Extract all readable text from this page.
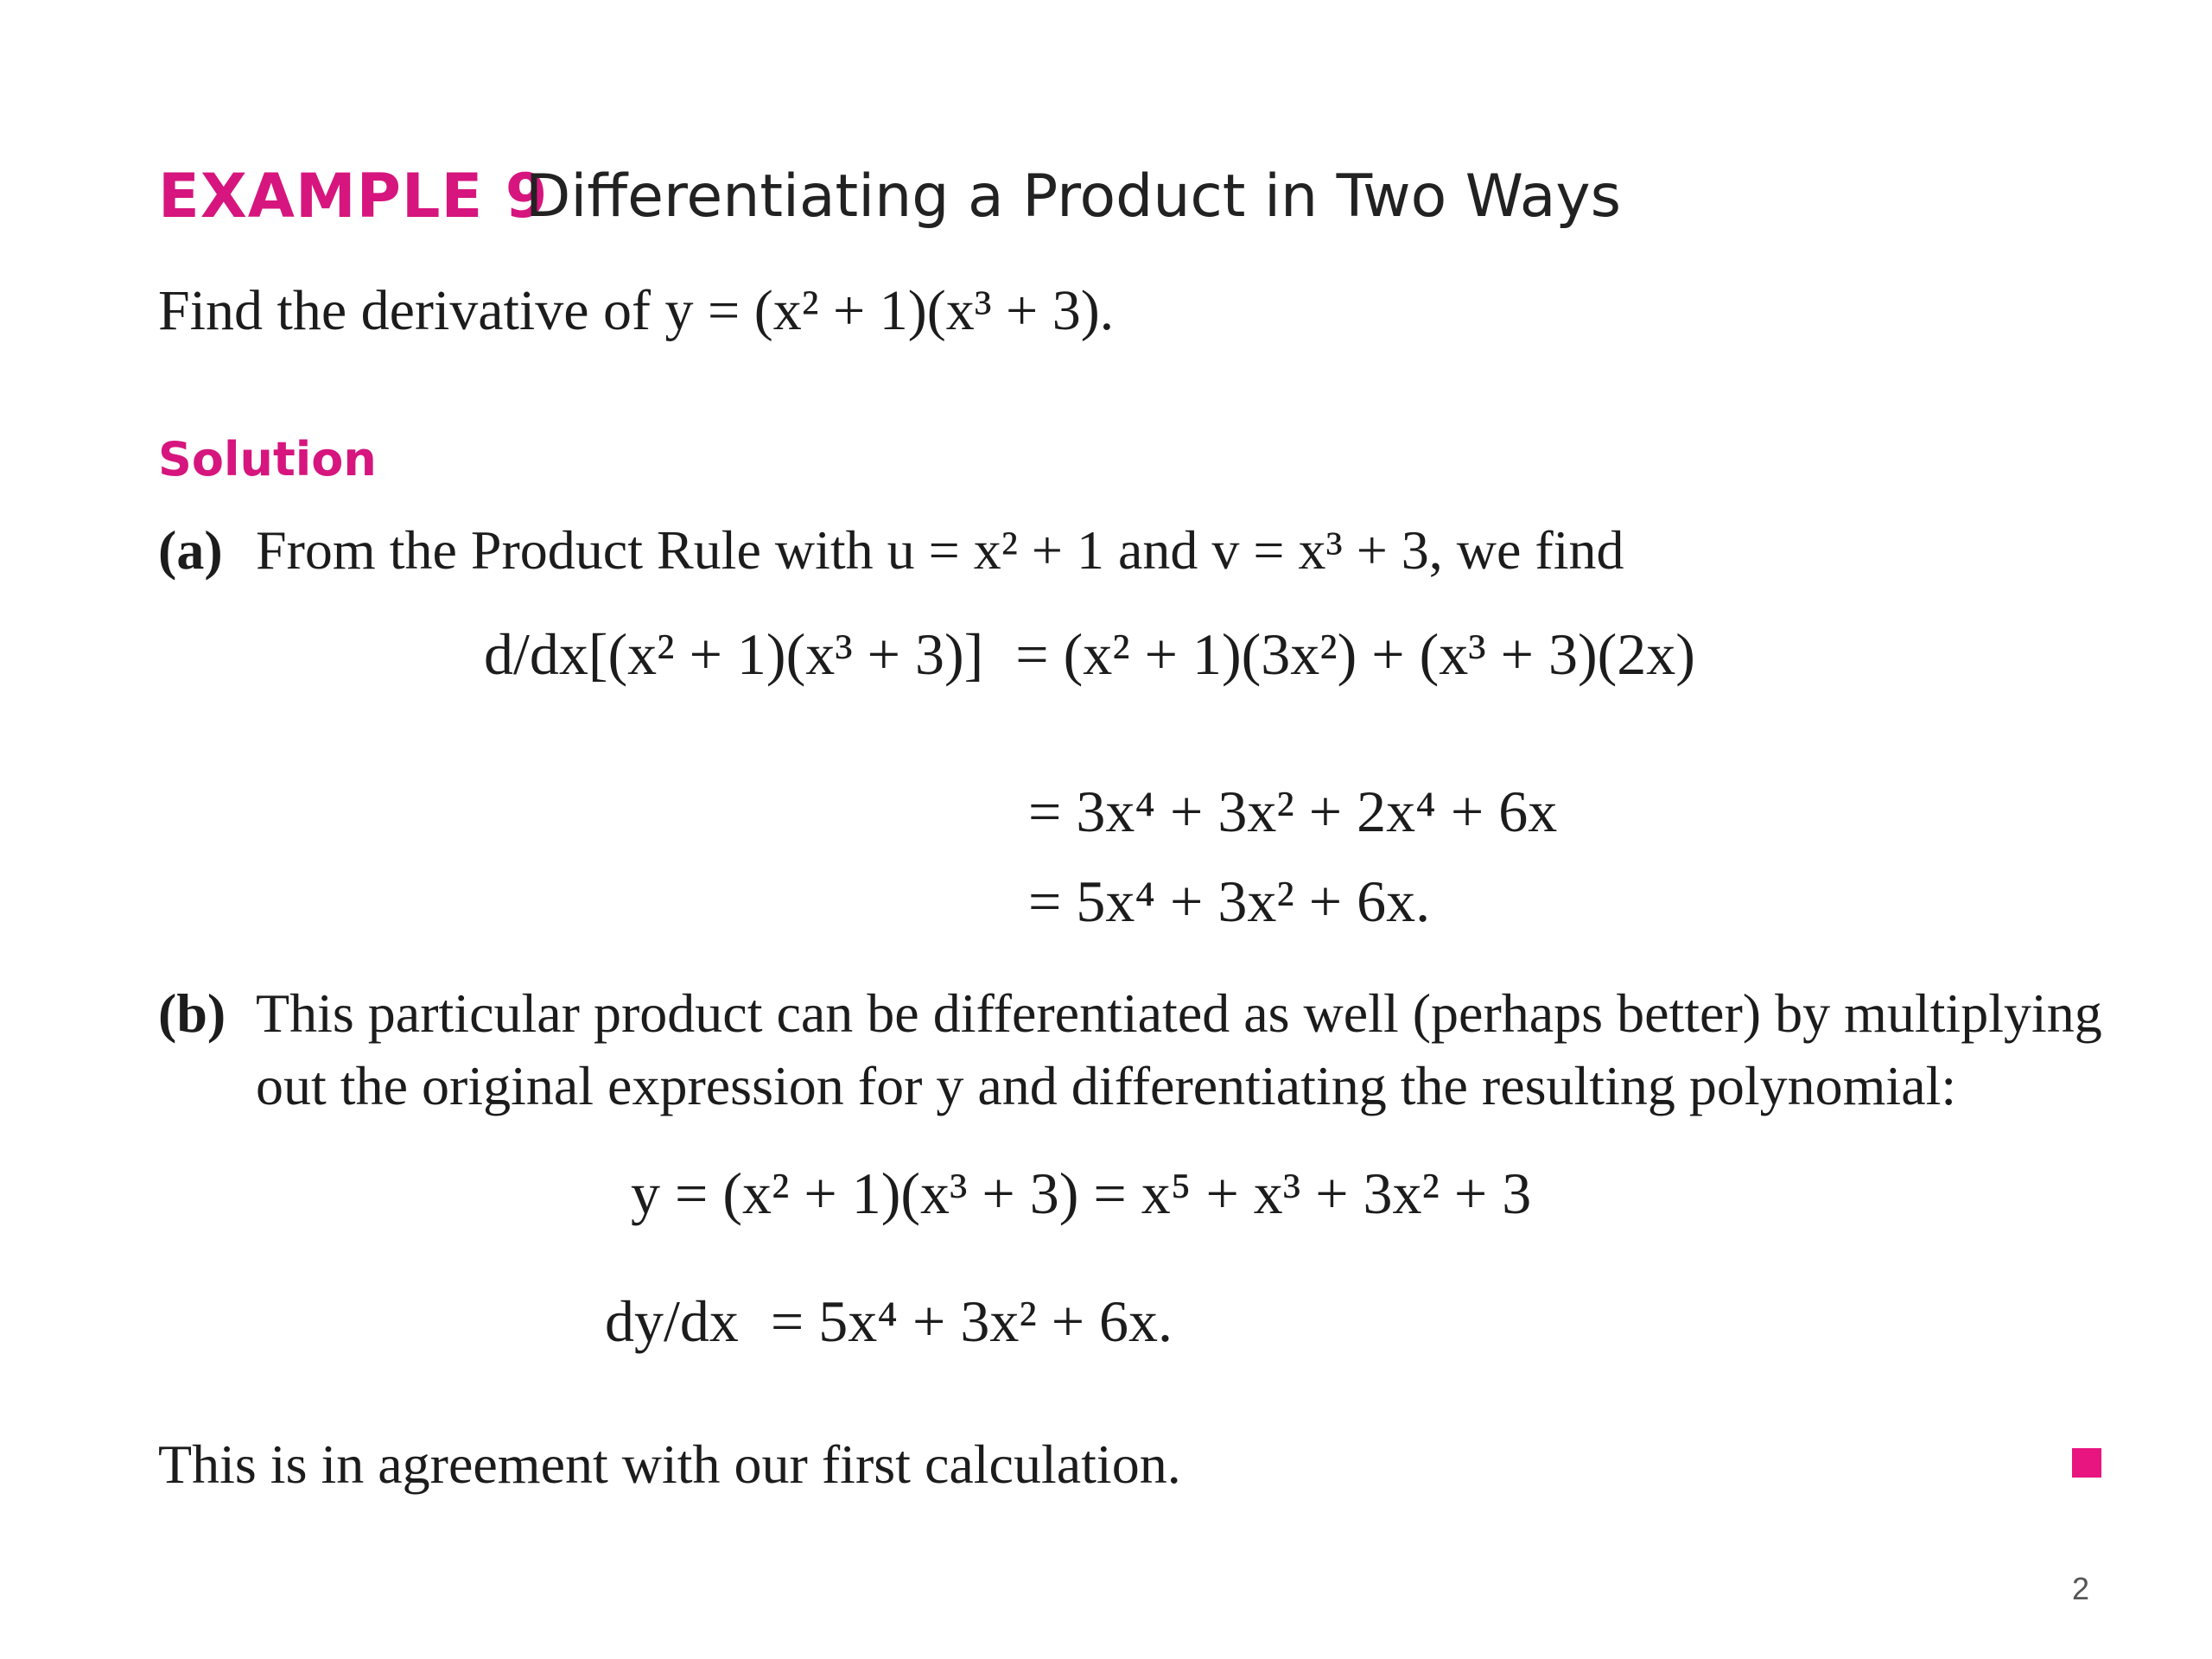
EXAMPLE 9
Differentiating a Product in Two Ways
Find the derivative of y = (x² + 1)(x³ + 3).
Solution
(a) From the Product Rule with u = x² + 1 and v = x³ + 3, we find
d/dx[(x² + 1)(x³ + 3)] = (x² + 1)(3x²) + (x³ + 3)(2x)
= 3x⁴ + 3x² + 2x⁴ + 6x
= 5x⁴ + 3x² + 6x.
(b) This particular product can be differentiated as well (perhaps better) by multiplying
out the original expression for y and differentiating the resulting polynomial:
y = (x² + 1)(x³ + 3) = x⁵ + x³ + 3x² + 3
dy/dx = 5x⁴ + 3x² + 6x.
This is in agreement with our first calculation.
2
